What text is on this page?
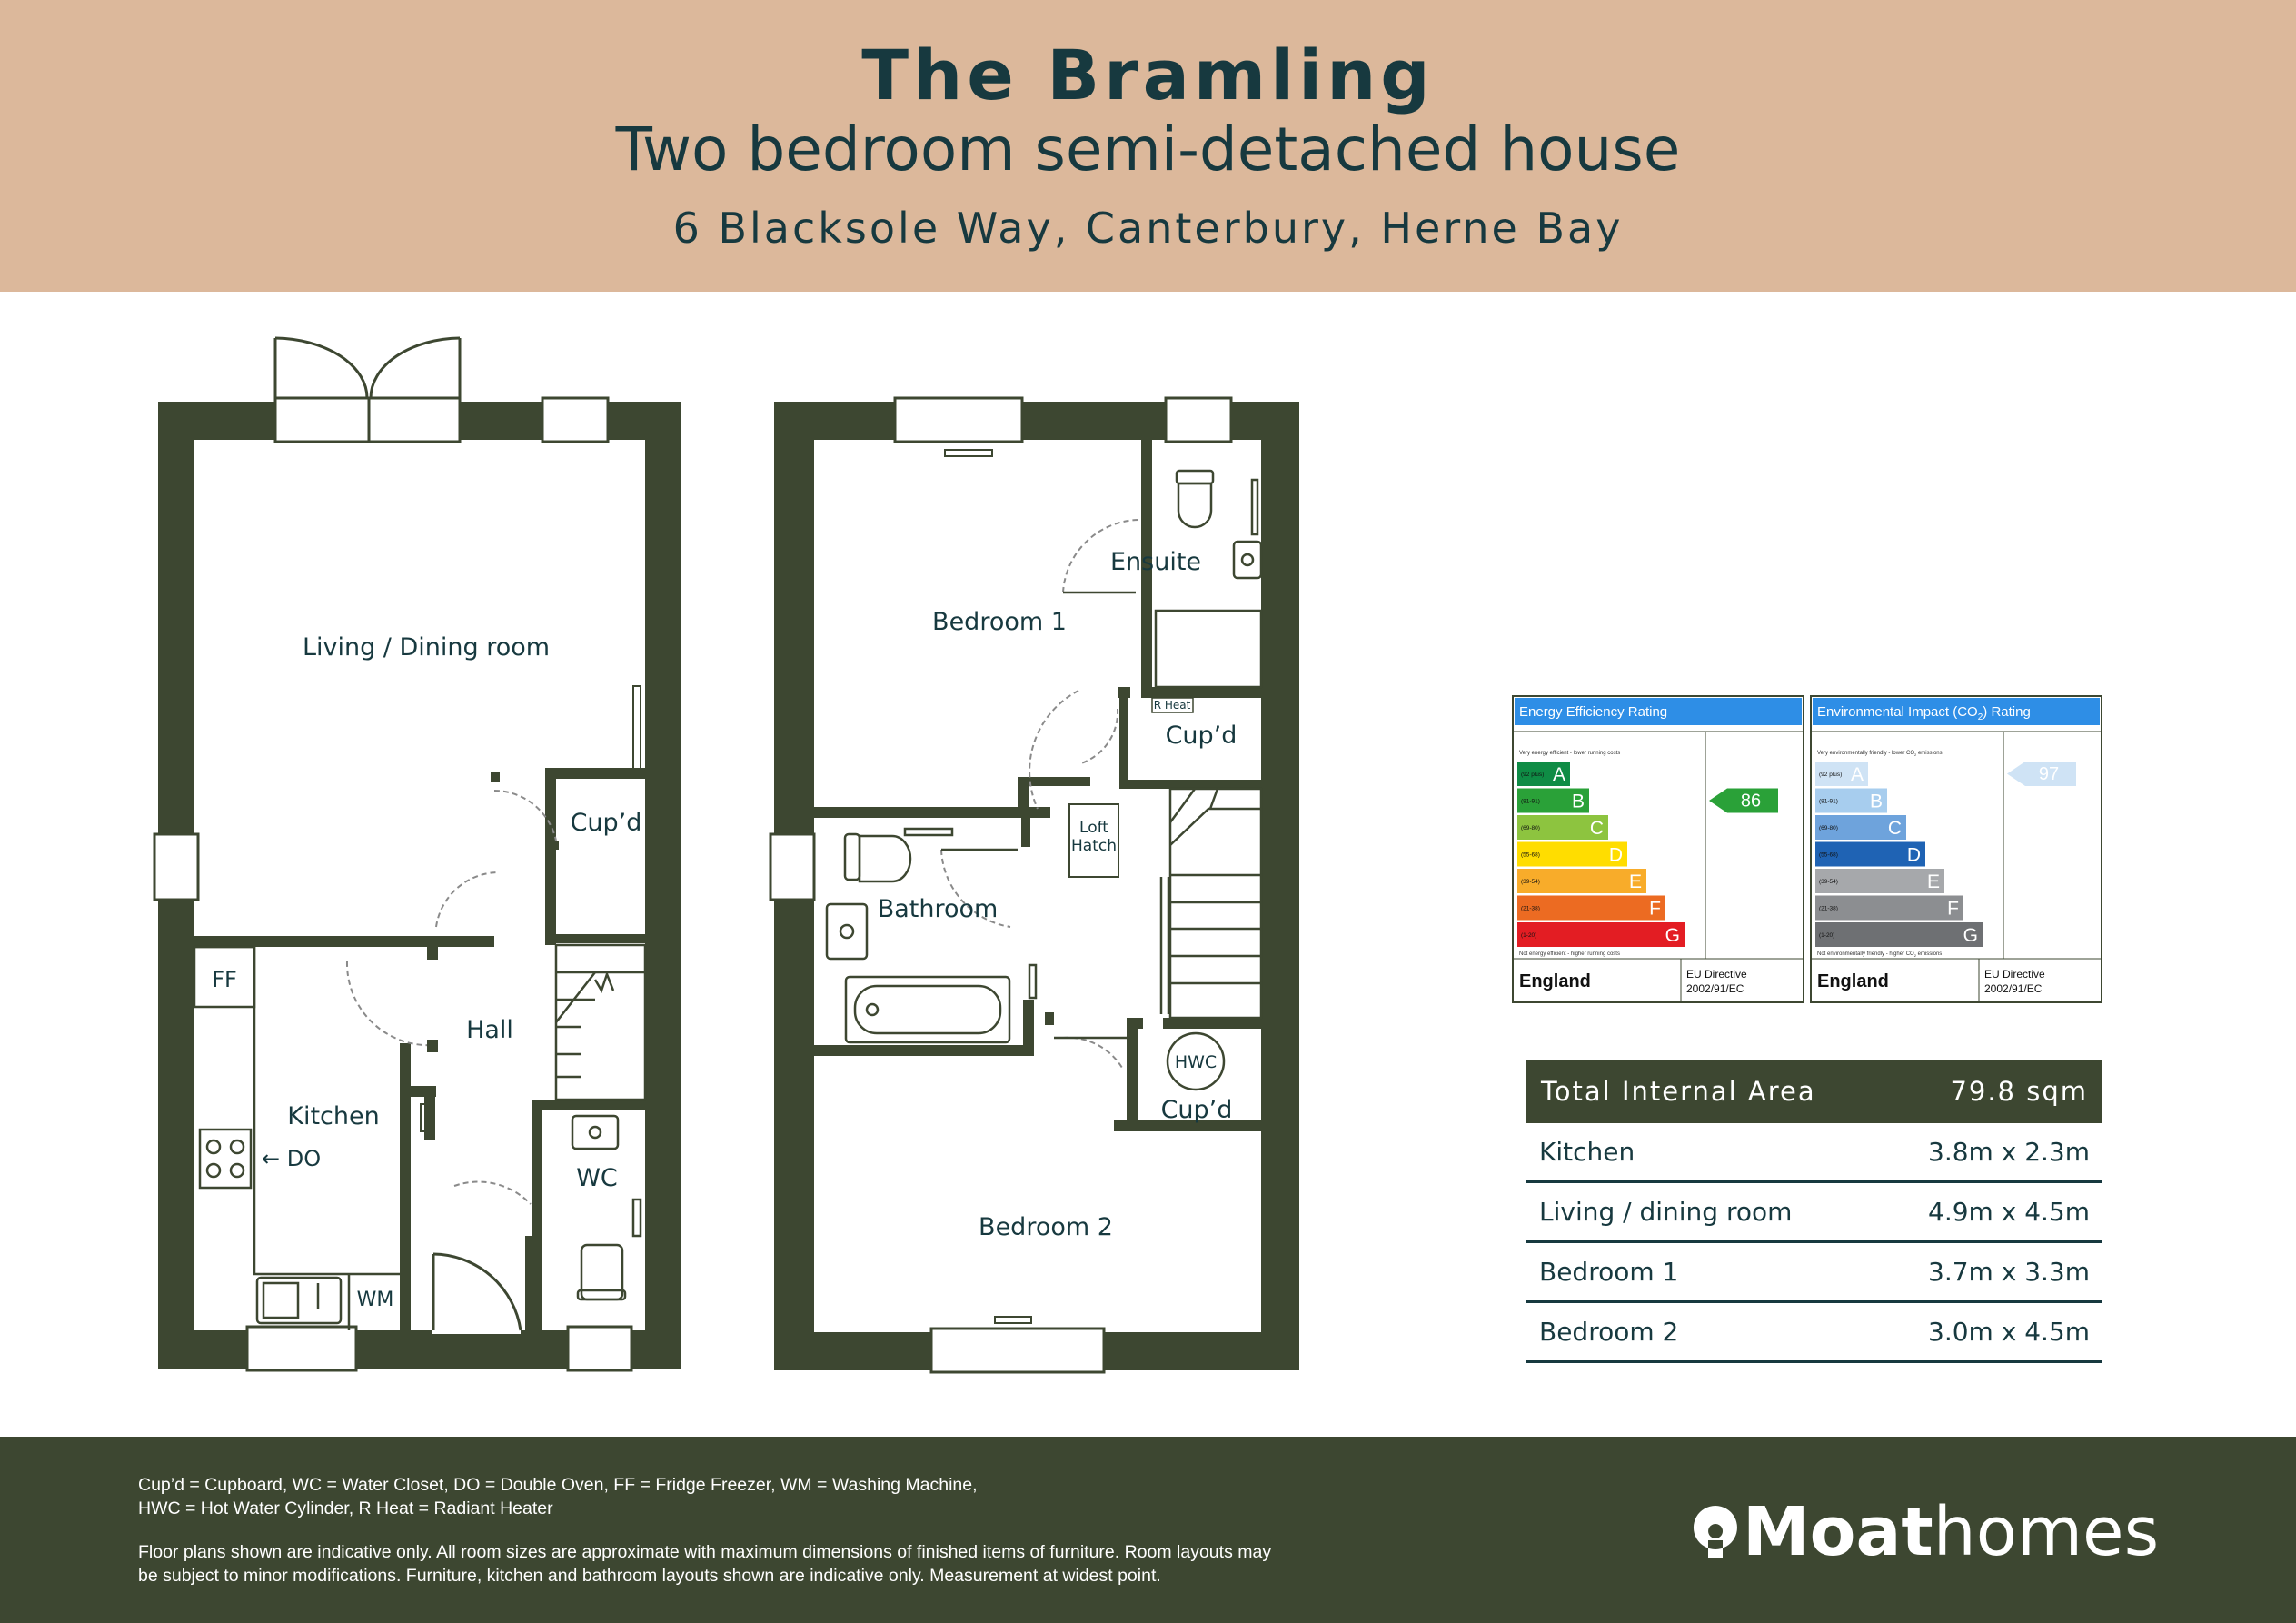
The Bramling
Two bedroom semi-detached house
6 Blacksole Way, Canterbury, Herne Bay
Living / Dining room
Cup’d
Hall
Kitchen
← DO
FF
WM
WC
Bedroom 1
Ensuite
R Heat
Cup’d
Loft
Hatch
Bathroom
HWC
Cup’d
Bedroom 2
Energy Efficiency Rating
Very energy efficient - lower running costs
(92 plus) A
(81-91) B
(69-80)	C
(55-68)	D
(39-54)	E
(21-38)	F
(1-20)	G
Not energy efficient - higher running costs
England	EU Directive
2002/91/EC
86
Environmental Impact $(CO_2)$ Rating
Very environmentally friendly - lower $CO_2$ emissions
(92 plus) A
(81-91) B
(69-80)	C
(55-68)	D
(39-54)	E
(21-38)	F
(1-20)	G
Not environmentally friendly - higher $CO_2$ emissions
England	EU Directive
2002/91/EC
97
Total Internal Area	79.8 sqm
Kitchen	3.8m x 2.3m
Living / dining room	4.9m x 4.5m
Bedroom 1	3.7m x 3.3m
Bedroom 2	3.0m x 4.5m
Cup’d = Cupboard, WC = Water Closet, DO = Double Oven, FF = Fridge Freezer, WM = Washing Machine,
HWC = Hot Water Cylinder, R Heat = Radiant Heater
Floor plans shown are indicative only. All room sizes are approximate with maximum dimensions of finished items of furniture. Room layouts may
be subject to minor modifications. Furniture, kitchen and bathroom layouts shown are indicative only. Measurement at widest point.
Moat homes
